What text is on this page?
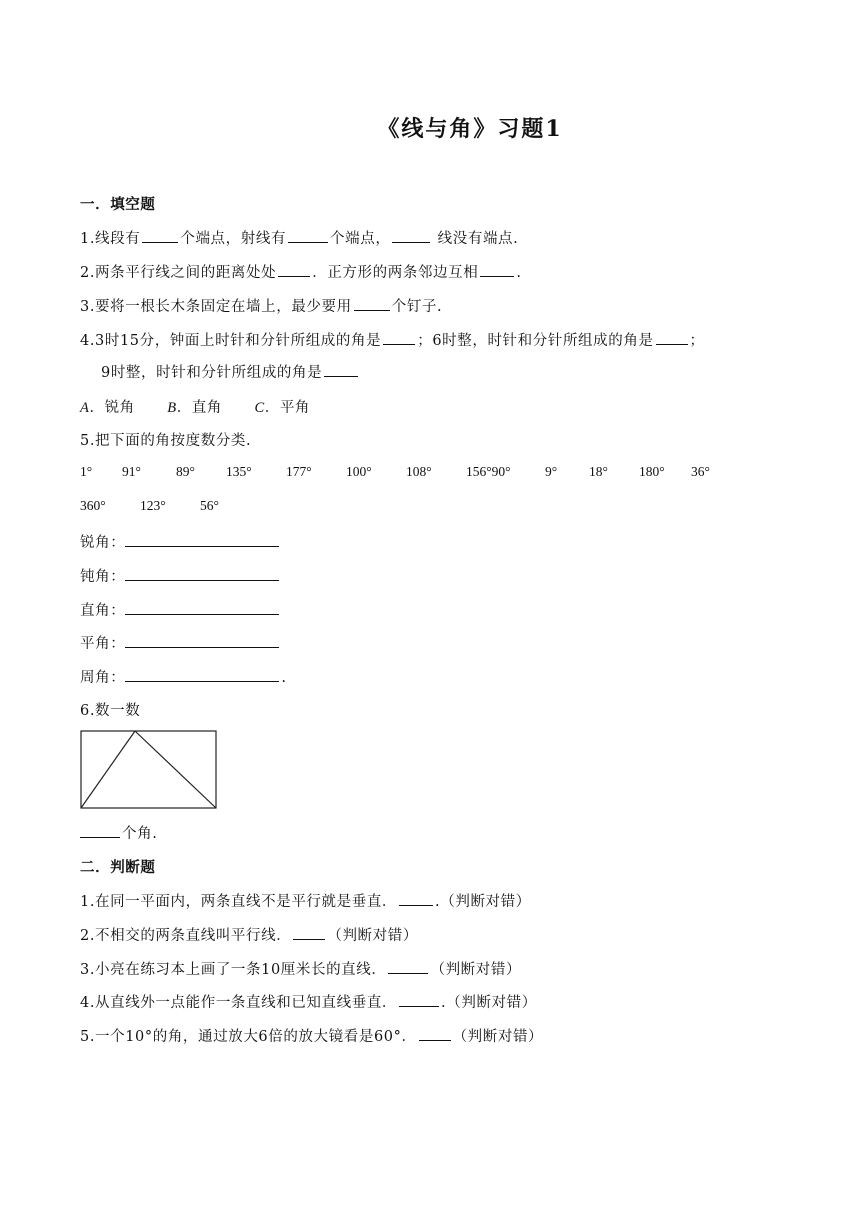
《线与角》习题1
一．填空题
1.线段有	个端点，射线有	个端点，	线没有端点.
2.两条平行线之间的距离处处 ．正方形的两条邻边互相	.
3.要将一根长木条固定在墙上，最少要用	个钉子.
4.3时15分，钟面上时针和分针所组成的角是 ；6时整，时针和分针所组成的角是 ；
9时整，时针和分针所组成的角是
A．锐角 B．直角 C．平角
5.把下面的角按度数分类.
1° 91°	89° 135°	177°	100°	108°	156°90°	9° 18° 180° 36°
360°	123°	56°
锐角：
钝角：
直角：
平角：
周角：	.
6.数一数
个角.
二．判断题
1.在同一平面内，两条直线不是平行就是垂直．	.（判断对错）
2.不相交的两条直线叫平行线． （判断对错）
3.小亮在练习本上画了一条10厘米长的直线．	（判断对错）
4.从直线外一点能作一条直线和已知直线垂直．	.（判断对错）
5.一个10°的角，通过放大6倍的放大镜看是60°． （判断对错）
